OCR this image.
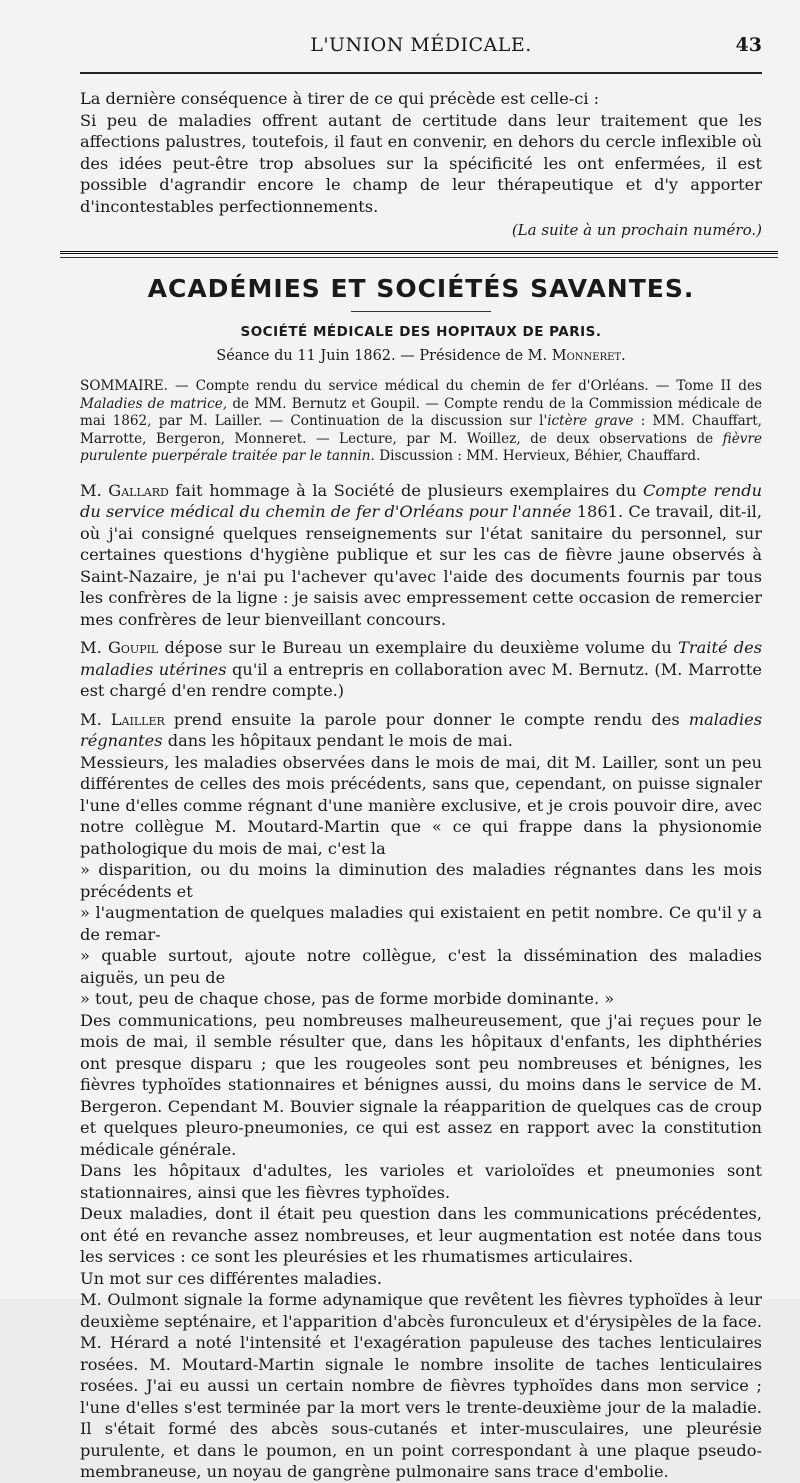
L'UNION MÉDICALE.	43

La dernière conséquence à tirer de ce qui précède est celle-ci :

Si peu de maladies offrent autant de certitude dans leur traitement que les affections palustres, toutefois, il faut en convenir, en dehors du cercle inflexible où des idées peut-être trop absolues sur la spécificité les ont enfermées, il est possible d'agrandir encore le champ de leur thérapeutique et d'y apporter d'incontestables perfectionnements.

(La suite à un prochain numéro.)

ACADÉMIES ET SOCIÉTÉS SAVANTES.
SOCIÉTÉ MÉDICALE DES HOPITAUX DE PARIS.
Séance du 11 Juin 1862. — Présidence de M. Monneret.

SOMMAIRE. — Compte rendu du service médical du chemin de fer d'Orléans. — Tome II des Maladies de matrice, de MM. Bernutz et Goupil. — Compte rendu de la Commission médicale de mai 1862, par M. Lailler. — Continuation de la discussion sur l'ictère grave : MM. Chauffart, Marrotte, Bergeron, Monneret. — Lecture, par M. Woillez, de deux observations de fièvre purulente puerpérale traitée par le tannin. Discussion : MM. Hervieux, Béhier, Chauffard.

M. Gallard fait hommage à la Société de plusieurs exemplaires du Compte rendu du service médical du chemin de fer d'Orléans pour l'année 1861. Ce travail, dit-il, où j'ai consigné quelques renseignements sur l'état sanitaire du personnel, sur certaines questions d'hygiène publique et sur les cas de fièvre jaune observés à Saint-Nazaire, je n'ai pu l'achever qu'avec l'aide des documents fournis par tous les confrères de la ligne : je saisis avec empressement cette occasion de remercier mes confrères de leur bienveillant concours.

M. Goupil dépose sur le Bureau un exemplaire du deuxième volume du Traité des maladies utérines qu'il a entrepris en collaboration avec M. Bernutz. (M. Marrotte est chargé d'en rendre compte.)

M. Lailler prend ensuite la parole pour donner le compte rendu des maladies régnantes dans les hôpitaux pendant le mois de mai.

Messieurs, les maladies observées dans le mois de mai, dit M. Lailler, sont un peu différentes de celles des mois précédents, sans que, cependant, on puisse signaler l'une d'elles comme régnant d'une manière exclusive, et je crois pouvoir dire, avec notre collègue M. Moutard-Martin que « ce qui frappe dans la physionomie pathologique du mois de mai, c'est la
» disparition, ou du moins la diminution des maladies régnantes dans les mois précédents et
» l'augmentation de quelques maladies qui existaient en petit nombre. Ce qu'il y a de remar-
» quable surtout, ajoute notre collègue, c'est la dissémination des maladies aiguës, un peu de
» tout, peu de chaque chose, pas de forme morbide dominante. »

Des communications, peu nombreuses malheureusement, que j'ai reçues pour le mois de mai, il semble résulter que, dans les hôpitaux d'enfants, les diphthéries ont presque disparu ; que les rougeoles sont peu nombreuses et bénignes, les fièvres typhoïdes stationnaires et bénignes aussi, du moins dans le service de M. Bergeron. Cependant M. Bouvier signale la réapparition de quelques cas de croup et quelques pleuro-pneumonies, ce qui est assez en rapport avec la constitution médicale générale.

Dans les hôpitaux d'adultes, les varioles et varioloïdes et pneumonies sont stationnaires, ainsi que les fièvres typhoïdes.

Deux maladies, dont il était peu question dans les communications précédentes, ont été en revanche assez nombreuses, et leur augmentation est notée dans tous les services : ce sont les pleurésies et les rhumatismes articulaires.

Un mot sur ces différentes maladies.

M. Oulmont signale la forme adynamique que revêtent les fièvres typhoïdes à leur deuxième septénaire, et l'apparition d'abcès furonculeux et d'érysipèles de la face. M. Hérard a noté l'intensité et l'exagération papuleuse des taches lenticulaires rosées. M. Moutard-Martin signale le nombre insolite de taches lenticulaires rosées. J'ai eu aussi un certain nombre de fièvres typhoïdes dans mon service ; l'une d'elles s'est terminée par la mort vers le trente-deuxième jour de la maladie. Il s'était formé des abcès sous-cutanés et inter-musculaires, une pleurésie purulente, et dans le poumon, en un point correspondant à une plaque pseudo-membraneuse, un noyau de gangrène pulmonaire sans trace d'embolie.
